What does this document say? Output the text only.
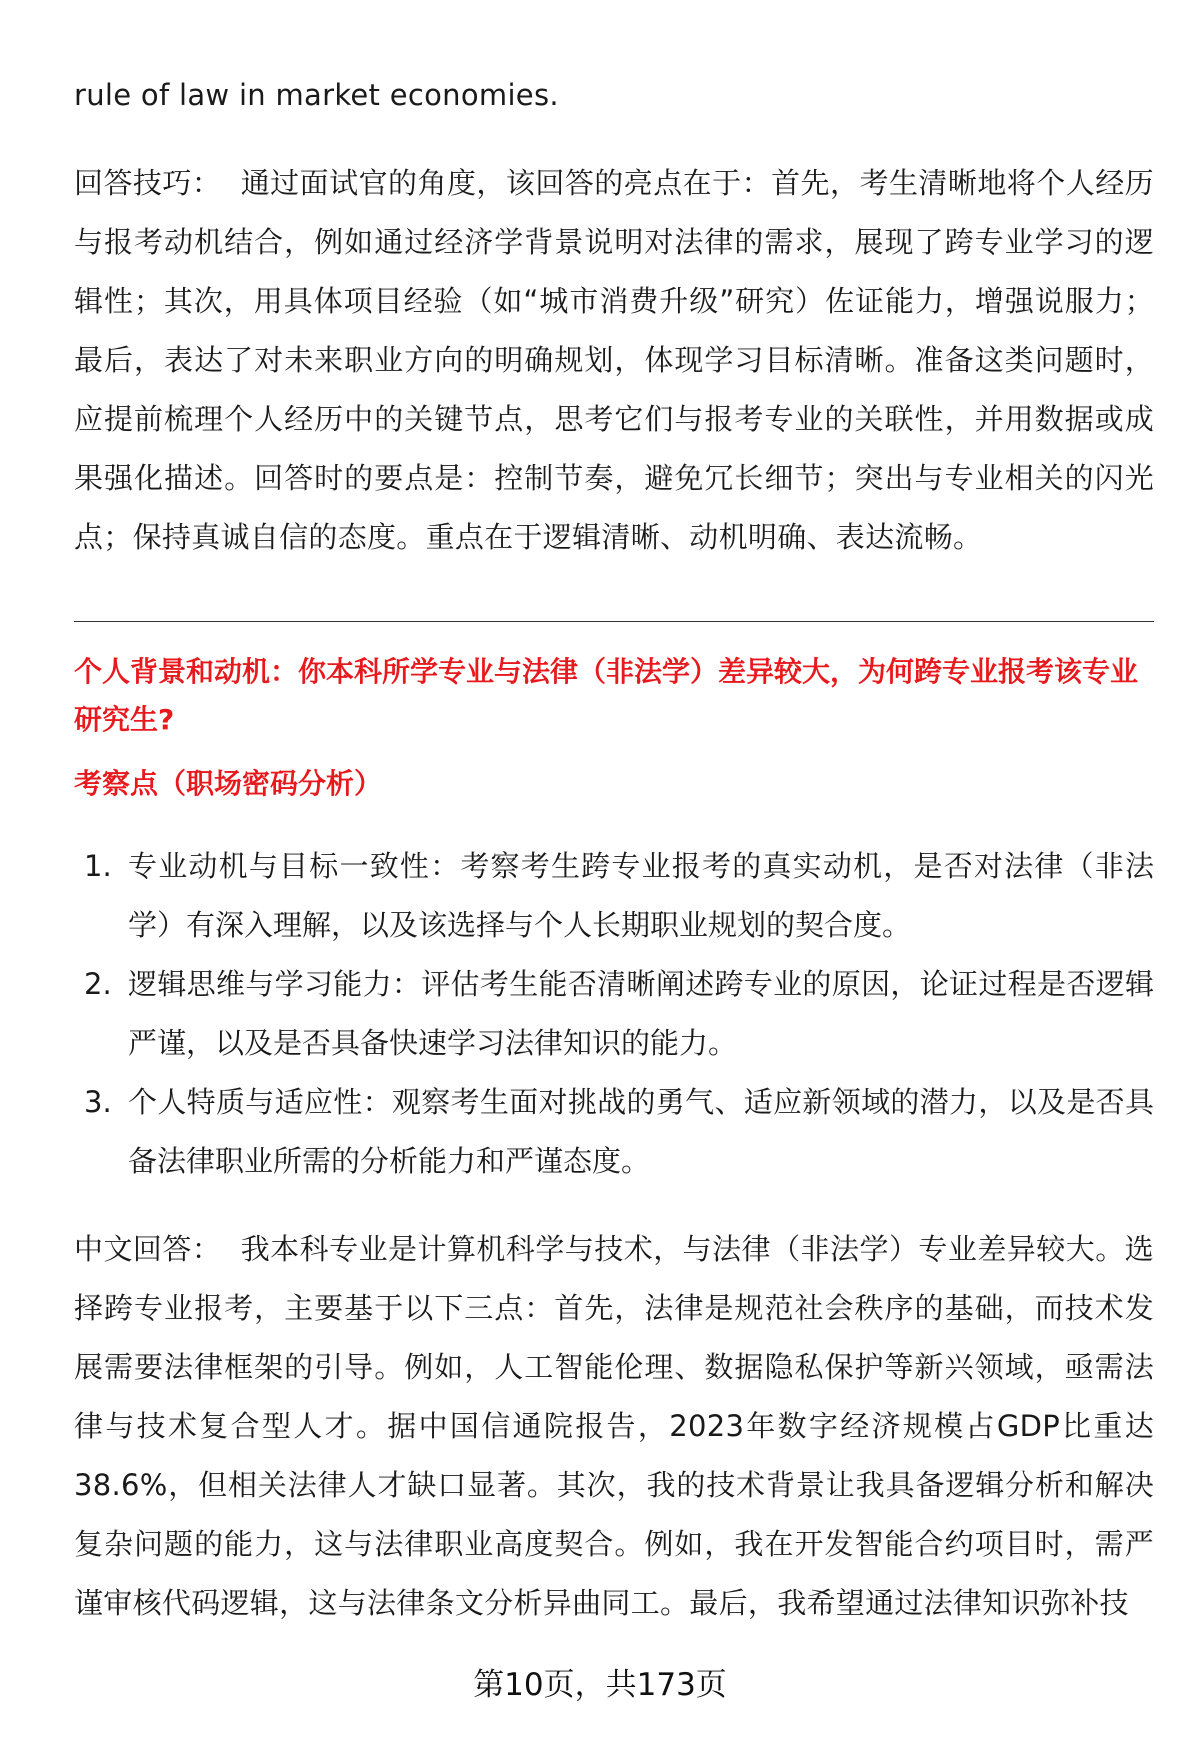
rule of law in market economies.

回答技巧： 通过面试官的角度，该回答的亮点在于：首先，考生清晰地将个人经历与报考动机结合，例如通过经济学背景说明对法律的需求，展现了跨专业学习的逻辑性；其次，用具体项目经验（如“城市消费升级”研究）佐证能力，增强说服力；最后，表达了对未来职业方向的明确规划，体现学习目标清晰。准备这类问题时，应提前梳理个人经历中的关键节点，思考它们与报考专业的关联性，并用数据或成果强化描述。回答时的要点是：控制节奏，避免冗长细节；突出与专业相关的闪光点；保持真诚自信的态度。重点在于逻辑清晰、动机明确、表达流畅。

个人背景和动机：你本科所学专业与法律（非法学）差异较大，为何跨专业报考该专业研究生?

考察点（职场密码分析）

1. 专业动机与目标一致性：考察考生跨专业报考的真实动机，是否对法律（非法学）有深入理解，以及该选择与个人长期职业规划的契合度。
2. 逻辑思维与学习能力：评估考生能否清晰阐述跨专业的原因，论证过程是否逻辑严谨，以及是否具备快速学习法律知识的能力。
3. 个人特质与适应性：观察考生面对挑战的勇气、适应新领域的潜力，以及是否具备法律职业所需的分析能力和严谨态度。

中文回答： 我本科专业是计算机科学与技术，与法律（非法学）专业差异较大。选择跨专业报考，主要基于以下三点：首先，法律是规范社会秩序的基础，而技术发展需要法律框架的引导。例如，人工智能伦理、数据隐私保护等新兴领域，亟需法律与技术复合型人才。据中国信通院报告，2023年数字经济规模占GDP比重达38.6%，但相关法律人才缺口显著。其次，我的技术背景让我具备逻辑分析和解决复杂问题的能力，这与法律职业高度契合。例如，我在开发智能合约项目时，需严谨审核代码逻辑，这与法律条文分析异曲同工。最后，我希望通过法律知识弥补技

第10页，共173页
